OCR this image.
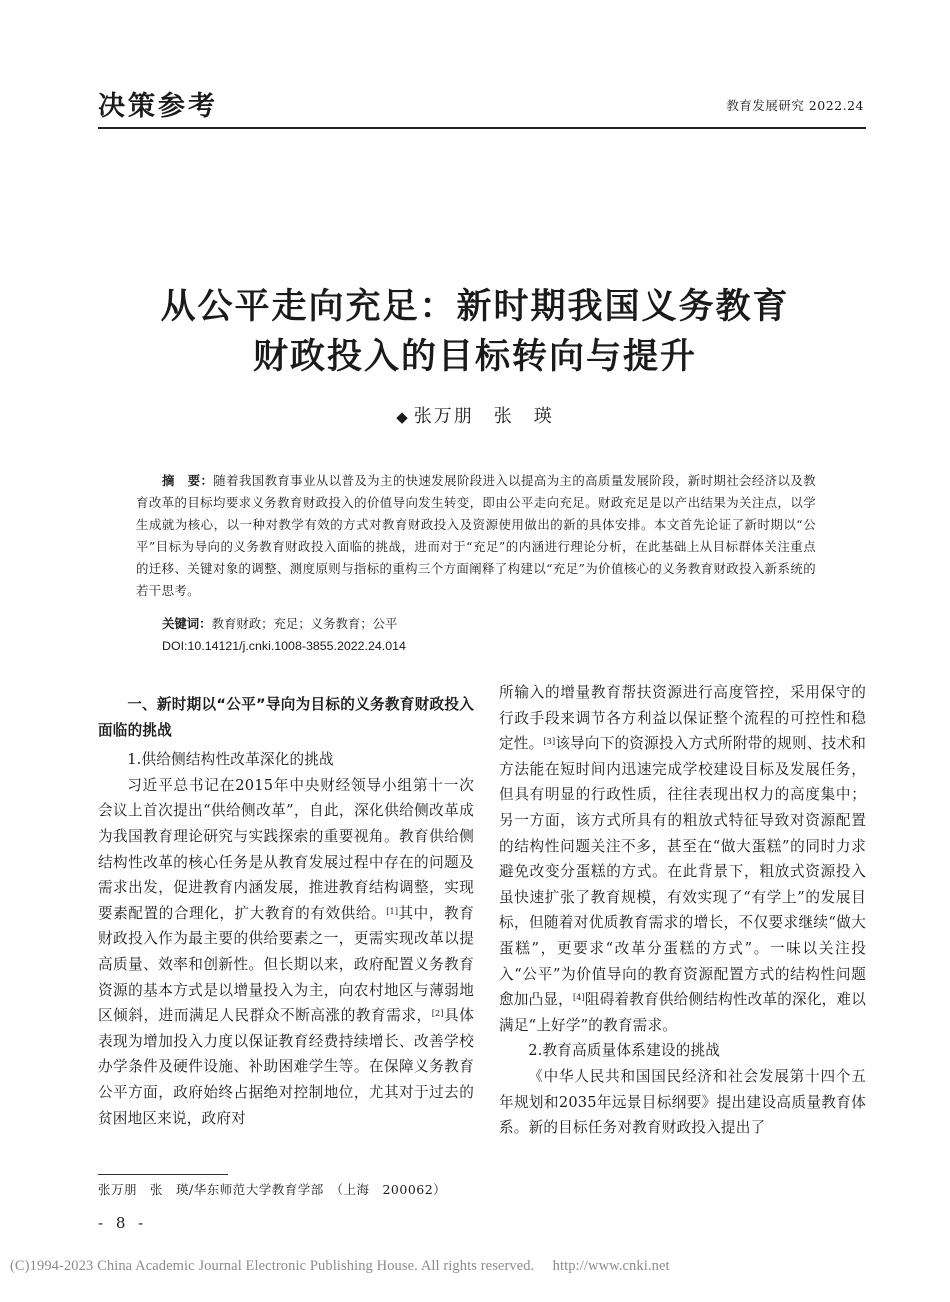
决策参考	教育发展研究 2022.24
从公平走向充足：新时期我国义务教育
财政投入的目标转向与提升
◆ 张万朋　张　瑛
摘　要：随着我国教育事业从以普及为主的快速发展阶段进入以提高为主的高质量发展阶段，新时期社会经济以及教育改革的目标均要求义务教育财政投入的价值导向发生转变，即由公平走向充足。财政充足是以产出结果为关注点，以学生成就为核心，以一种对教学有效的方式对教育财政投入及资源使用做出的新的具体安排。本文首先论证了新时期以“公平”目标为导向的义务教育财政投入面临的挑战，进而对于“充足”的内涵进行理论分析，在此基础上从目标群体关注重点的迁移、关键对象的调整、测度原则与指标的重构三个方面阐释了构建以“充足”为价值核心的义务教育财政投入新系统的若干思考。
关键词：教育财政；充足；义务教育；公平
DOI:10.14121/j.cnki.1008-3855.2022.24.014

一、新时期以“公平”导向为目标的义务教育财政投入面临的挑战

1.供给侧结构性改革深化的挑战

习近平总书记在2015年中央财经领导小组第十一次会议上首次提出“供给侧改革”，自此，深化供给侧改革成为我国教育理论研究与实践探索的重要视角。教育供给侧结构性改革的核心任务是从教育发展过程中存在的问题及需求出发，促进教育内涵发展，推进教育结构调整，实现要素配置的合理化，扩大教育的有效供给。[1]其中，教育财政投入作为最主要的供给要素之一，更需实现改革以提高质量、效率和创新性。但长期以来，政府配置义务教育资源的基本方式是以增量投入为主，向农村地区与薄弱地区倾斜，进而满足人民群众不断高涨的教育需求，[2]具体表现为增加投入力度以保证教育经费持续增长、改善学校办学条件及硬件设施、补助困难学生等。在保障义务教育公平方面，政府始终占据绝对控制地位，尤其对于过去的贫困地区来说，政府对

所输入的增量教育帮扶资源进行高度管控，采用保守的行政手段来调节各方利益以保证整个流程的可控性和稳定性。[3]该导向下的资源投入方式所附带的规则、技术和方法能在短时间内迅速完成学校建设目标及发展任务，但具有明显的行政性质，往往表现出权力的高度集中；另一方面，该方式所具有的粗放式特征导致对资源配置的结构性问题关注不多，甚至在“做大蛋糕”的同时力求避免改变分蛋糕的方式。在此背景下，粗放式资源投入虽快速扩张了教育规模，有效实现了“有学上”的发展目标，但随着对优质教育需求的增长，不仅要求继续“做大蛋糕”，更要求“改革分蛋糕的方式”。一味以关注投入“公平”为价值导向的教育资源配置方式的结构性问题愈加凸显，[4]阻碍着教育供给侧结构性改革的深化，难以满足“上好学”的教育需求。

2.教育高质量体系建设的挑战

《中华人民共和国国民经济和社会发展第十四个五年规划和2035年远景目标纲要》提出建设高质量教育体系。新的目标任务对教育财政投入提出了

张万朋　张　瑛/华东师范大学教育学部　（上海　200062）
- 8 -
(C)1994-2023 China Academic Journal Electronic Publishing House. All rights reserved.　 http://www.cnki.net
